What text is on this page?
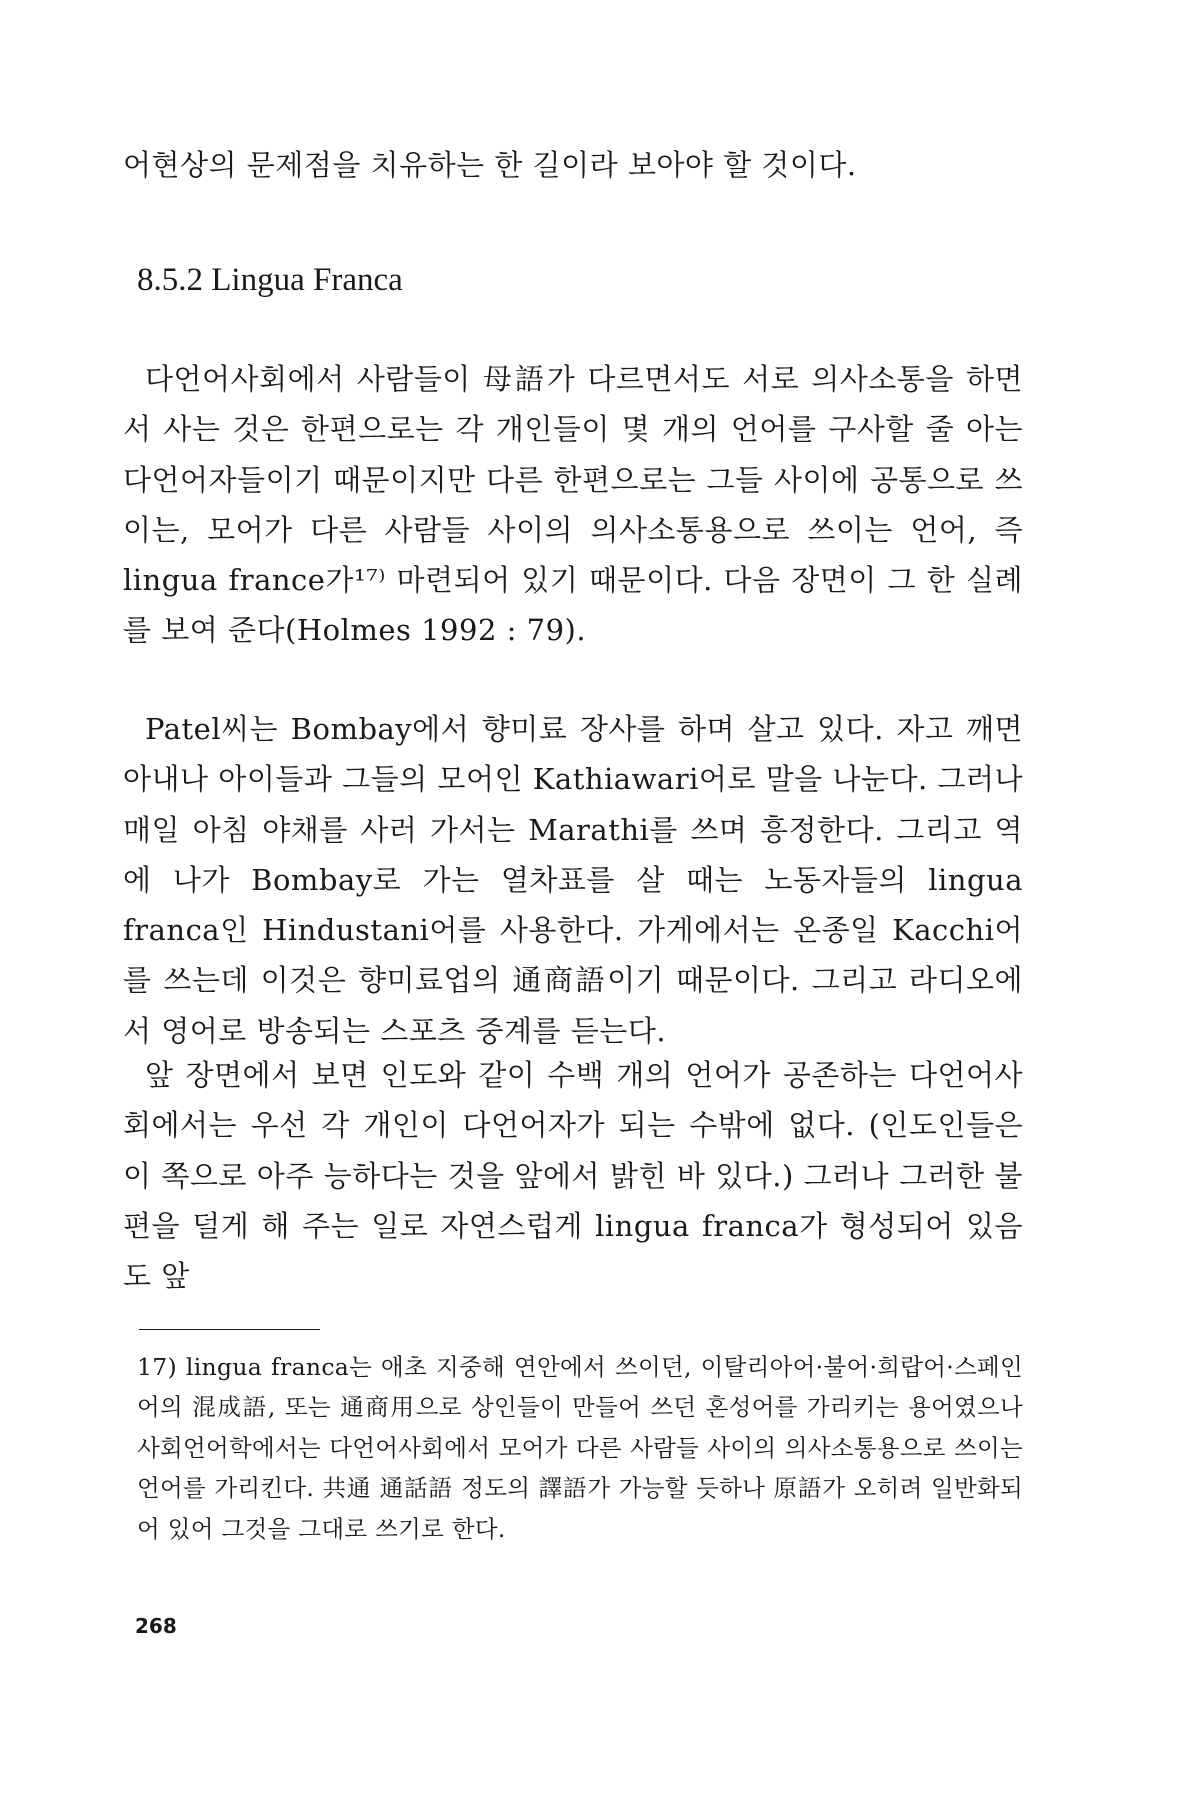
어현상의 문제점을 치유하는 한 길이라 보아야 할 것이다.

8.5.2 Lingua Franca

다언어사회에서 사람들이 母語가 다르면서도 서로 의사소통을 하면서 사는 것은 한편으로는 각 개인들이 몇 개의 언어를 구사할 줄 아는 다언어자들이기 때문이지만 다른 한편으로는 그들 사이에 공통으로 쓰이는, 모어가 다른 사람들 사이의 의사소통용으로 쓰이는 언어, 즉 lingua france가¹⁷⁾ 마련되어 있기 때문이다. 다음 장면이 그 한 실례를 보여 준다(Holmes 1992 : 79).

Patel씨는 Bombay에서 향미료 장사를 하며 살고 있다. 자고 깨면 아내나 아이들과 그들의 모어인 Kathiawari어로 말을 나눈다. 그러나 매일 아침 야채를 사러 가서는 Marathi를 쓰며 흥정한다. 그리고 역에 나가 Bombay로 가는 열차표를 살 때는 노동자들의 lingua franca인 Hindustani어를 사용한다. 가게에서는 온종일 Kacchi어를 쓰는데 이것은 향미료업의 通商語이기 때문이다. 그리고 라디오에서 영어로 방송되는 스포츠 중계를 듣는다.

앞 장면에서 보면 인도와 같이 수백 개의 언어가 공존하는 다언어사회에서는 우선 각 개인이 다언어자가 되는 수밖에 없다. (인도인들은 이 쪽으로 아주 능하다는 것을 앞에서 밝힌 바 있다.) 그러나 그러한 불편을 덜게 해 주는 일로 자연스럽게 lingua franca가 형성되어 있음도 앞

17) lingua franca는 애초 지중해 연안에서 쓰이던, 이탈리아어·불어·희랍어·스페인어의 混成語, 또는 通商用으로 상인들이 만들어 쓰던 혼성어를 가리키는 용어였으나 사회언어학에서는 다언어사회에서 모어가 다른 사람들 사이의 의사소통용으로 쓰이는 언어를 가리킨다. 共通 通話語 정도의 譯語가 가능할 듯하나 原語가 오히려 일반화되어 있어 그것을 그대로 쓰기로 한다.

268
